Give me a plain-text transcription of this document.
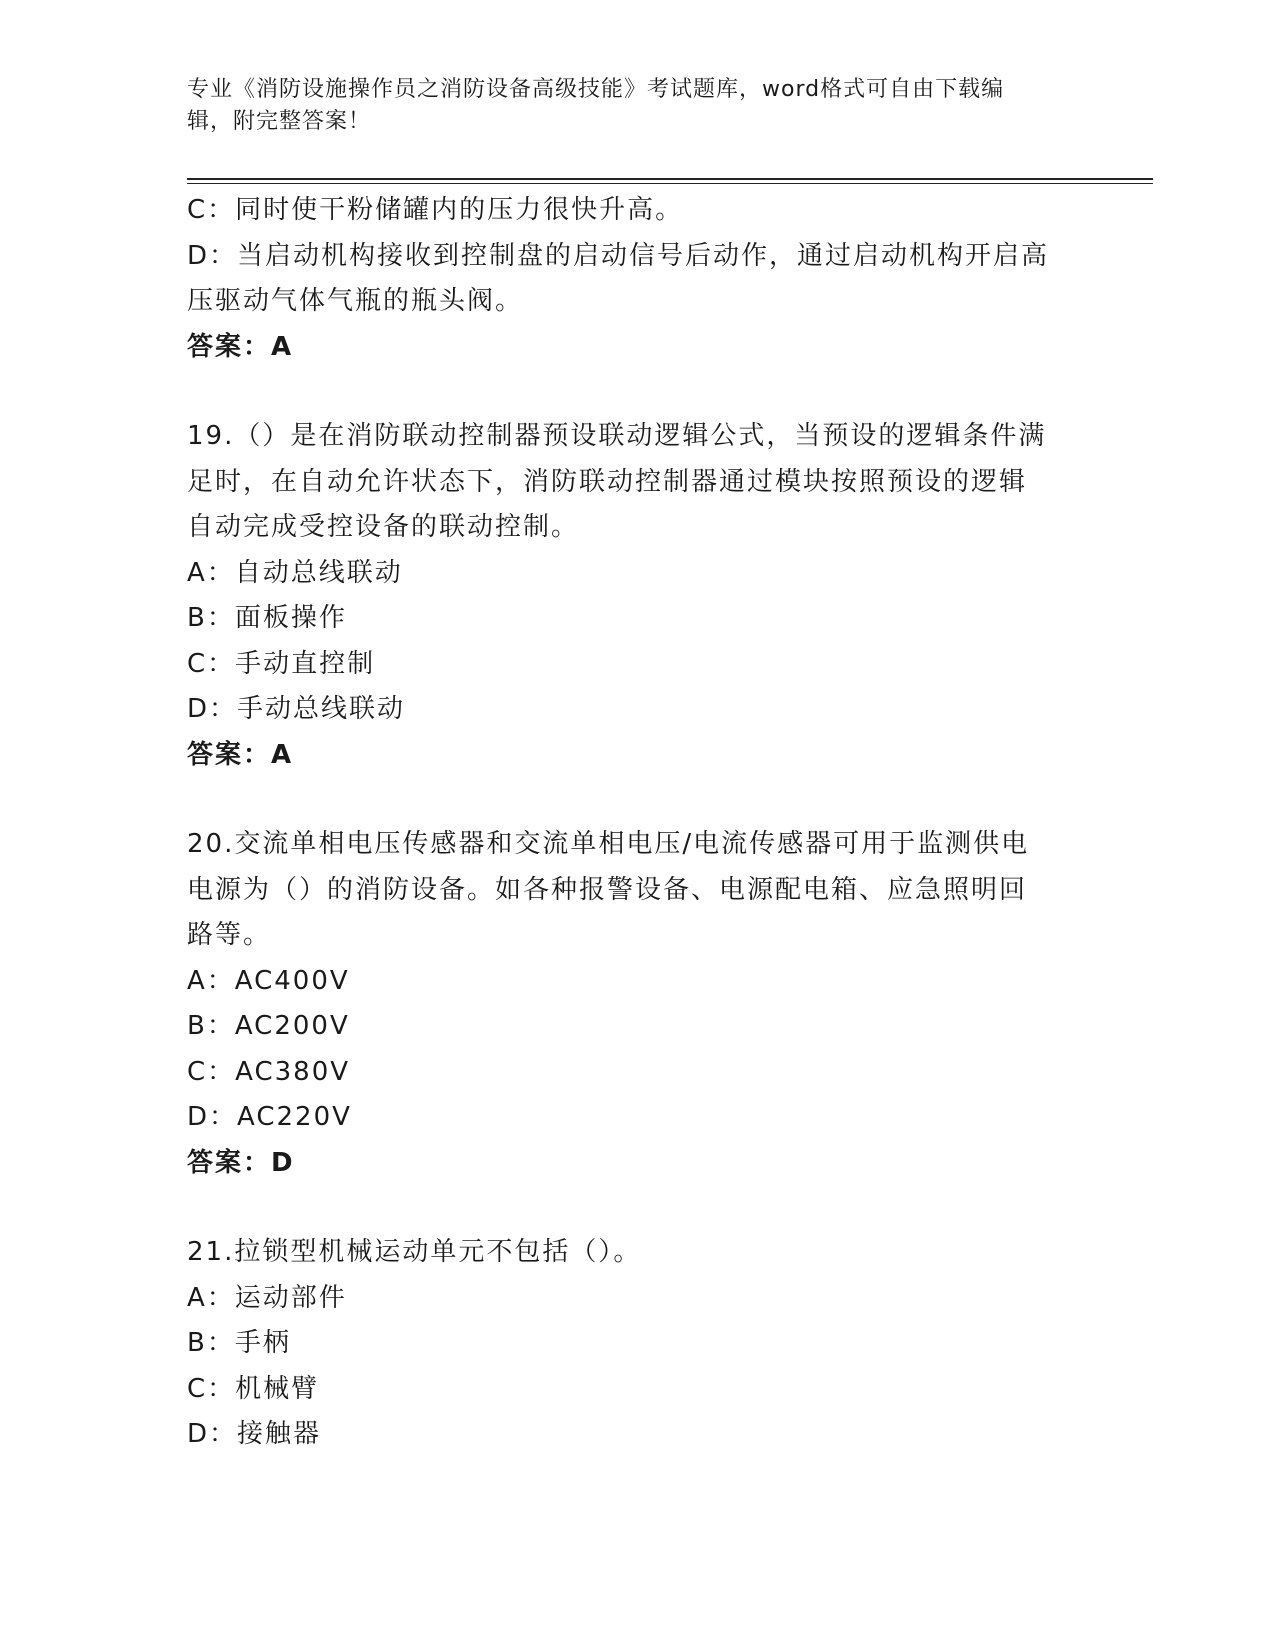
专业《消防设施操作员之消防设备高级技能》考试题库，word格式可自由下载编
辑，附完整答案！
C：同时使干粉储罐内的压力很快升高。
D：当启动机构接收到控制盘的启动信号后动作，通过启动机构开启高
压驱动气体气瓶的瓶头阀。
答案：A
19.（）是在消防联动控制器预设联动逻辑公式，当预设的逻辑条件满
足时，在自动允许状态下，消防联动控制器通过模块按照预设的逻辑
自动完成受控设备的联动控制。
A：自动总线联动
B：面板操作
C：手动直控制
D：手动总线联动
答案：A
20.交流单相电压传感器和交流单相电压/电流传感器可用于监测供电
电源为（）的消防设备。如各种报警设备、电源配电箱、应急照明回
路等。
A：AC400V
B：AC200V
C：AC380V
D：AC220V
答案：D
21.拉锁型机械运动单元不包括（）。
A：运动部件
B：手柄
C：机械臂
D：接触器
